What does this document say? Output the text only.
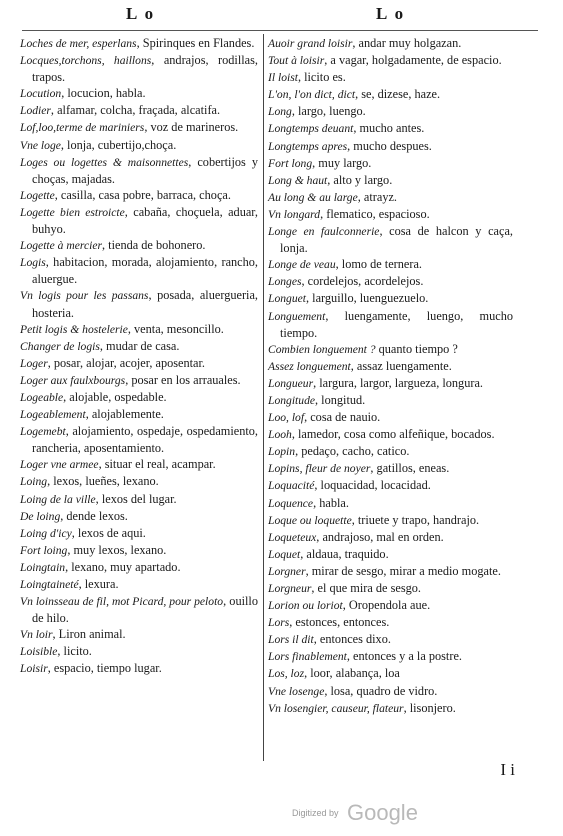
L o	L o
Loches de mer, esperlans, Spirinques en Flandes.
Locques,torchons, haillons, andrajos, rodillas, trapos.
Locution, locucion, habla.
Lodier, alfamar, colcha, fraçada, alcatifa.
Lof,loo,terme de mariniers, voz de marineros.
Vne loge, lonja, cubertijo,choça.
Loges ou logettes & maisonnettes, cobertijos y choças, majadas.
Logette, casilla, casa pobre, barraca, choça.
Logette bien estroicte, cabaña, choçuela, aduar, buhyo.
Logette à mercier, tienda de bohonero.
Logis, habitacion, morada, alojamiento, rancho, aluergue.
Vn logis pour les passans, posada, aluergueria, hosteria.
Petit logis & hostelerie, venta, mesoncillo.
Changer de logis, mudar de casa.
Loger, posar, alojar, acojer, aposentar.
Loger aux faulxbourgs, posar en los arrauales.
Logeable, alojable, ospedable.
Logeablement, alojablemente.
Logemebt, alojamiento, ospedaje, ospedamiento, rancheria, aposentamiento.
Loger vne armee, situar el real, acampar.
Loing, lexos, lueñes, lexano.
Loing de la ville, lexos del lugar.
De loing, dende lexos.
Loing d'icy, lexos de aqui.
Fort loing, muy lexos, lexano.
Loingtain, lexano, muy apartado.
Loingtaineté, lexura.
Vn loinsseau de fil, mot Picard, pour peloto, ouillo de hilo.
Vn loir, Liron animal.
Loisible, licito.
Loisir, espacio, tiempo lugar.
Auoir grand loisir, andar muy holgazan.
Tout à loisir, a vagar, holgadamente, de espacio.
Il loist, licito es.
L'on, l'on dict, dict, se, dizese, haze.
Long, largo, luengo.
Longtemps deuant, mucho antes.
Longtemps apres, mucho despues.
Fort long, muy largo.
Long & haut, alto y largo.
Au long & au large, atrayz.
Vn longard, flematico, espacioso.
Longe en faulconnerie, cosa de halcon y caça, lonja.
Longe de veau, lomo de ternera.
Longes, cordelejos, acordelejos.
Longuet, larguillo, luenguezuelo.
Longuement, luengamente, luengo, mucho tiempo.
Combien longuement ? quanto tiempo ?
Assez longuement, assaz luengamente.
Longueur, largura, largor, largueza, longura.
Longitude, longitud.
Loo, lof, cosa de nauio.
Looh, lamedor, cosa como alfeñique, bocados.
Lopin, pedaço, cacho, catico.
Lopins, fleur de noyer, gatillos, eneas.
Loquacité, loquacidad, locacidad.
Loquence, habla.
Loque ou loquette, triuete y trapo, handrajo.
Loqueteux, andrajoso, mal en orden.
Loquet, aldaua, traquido.
Lorgner, mirar de sesgo, mirar a medio mogate.
Lorgneur, el que mira de sesgo.
Lorion ou loriot, Oropendola aue.
Lors, estonces, entonces.
Lors il dit, entonces dixo.
Lors finablement, entonces y a la postre.
Los, loz, loor, alabança, loa
Vne losenge, losa, quadro de vidro.
Vn losengier, causeur, flateur, lisonjero.
I i
Digitized by Google
